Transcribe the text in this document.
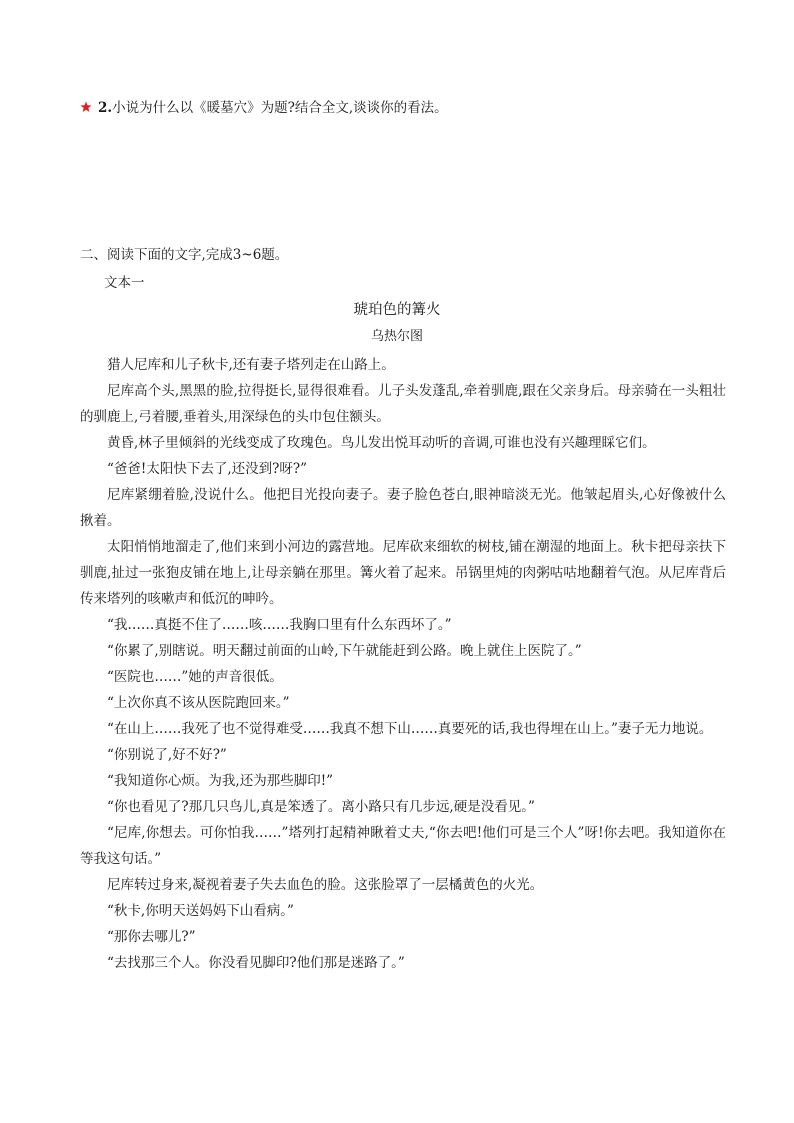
2.小说为什么以《暖墓穴》为题?结合全文,谈谈你的看法。
二、阅读下面的文字,完成3~6题。
文本一
琥珀色的篝火
乌热尔图

猎人尼库和儿子秋卡,还有妻子塔列走在山路上。

尼库高个头,黑黑的脸,拉得挺长,显得很难看。儿子头发蓬乱,牵着驯鹿,跟在父亲身后。母亲骑在一头粗壮的驯鹿上,弓着腰,垂着头,用深绿色的头巾包住额头。

黄昏,林子里倾斜的光线变成了玫瑰色。鸟儿发出悦耳动听的音调,可谁也没有兴趣理睬它们。

“爸爸!太阳快下去了,还没到?呀?”

尼库紧绷着脸,没说什么。他把目光投向妻子。妻子脸色苍白,眼神暗淡无光。他皱起眉头,心好像被什么揪着。

太阳悄悄地溜走了,他们来到小河边的露营地。尼库砍来细软的树枝,铺在潮湿的地面上。秋卡把母亲扶下驯鹿,扯过一张狍皮铺在地上,让母亲躺在那里。篝火着了起来。吊锅里炖的肉粥咕咕地翻着气泡。从尼库背后传来塔列的咳嗽声和低沉的呻吟。

“我……真挺不住了……咳……我胸口里有什么东西坏了。”

“你累了,别瞎说。明天翻过前面的山岭,下午就能赶到公路。晚上就住上医院了。”

“医院也……”她的声音很低。

“上次你真不该从医院跑回来。”

“在山上……我死了也不觉得难受……我真不想下山……真要死的话,我也得埋在山上。”妻子无力地说。

“你别说了,好不好?”

“我知道你心烦。为我,还为那些脚印!”

“你也看见了?那几只鸟儿,真是笨透了。离小路只有几步远,硬是没看见。”

“尼库,你想去。可你怕我……”塔列打起精神瞅着丈夫,“你去吧!他们可是三个人”呀!你去吧。我知道你在等我这句话。”

尼库转过身来,凝视着妻子失去血色的脸。这张脸罩了一层橘黄色的火光。

“秋卡,你明天送妈妈下山看病。”

“那你去哪儿?”

“去找那三个人。你没看见脚印?他们那是迷路了。”
